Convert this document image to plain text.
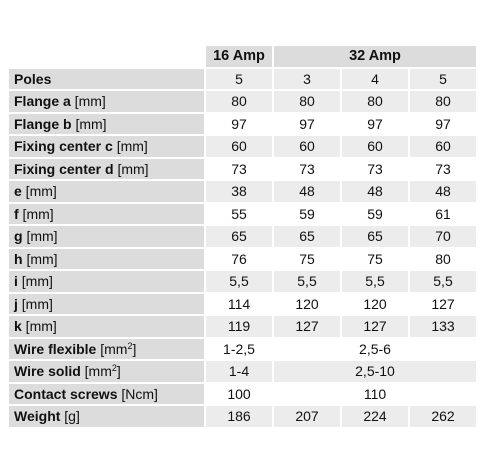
	16 Amp	32 Amp		
Poles	5	3	4	5
Flange a [mm]	80	80	80	80
Flange b [mm]	97	97	97	97
Fixing center c [mm]	60	60	60	60
Fixing center d [mm]	73	73	73	73
e [mm]	38	48	48	48
f [mm]	55	59	59	61
g [mm]	65	65	65	70
h [mm]	76	75	75	80
i [mm]	5,5	5,5	5,5	5,5
j [mm]	114	120	120	127
k [mm]	119	127	127	133
Wire flexible $[mm^2]$	1-2,5	2,5-6		
Wire solid $[mm^2]$	1-4	2,5-10		
Contact screws [Ncm]	100	110		
Weight [g]	186	207	224	262
